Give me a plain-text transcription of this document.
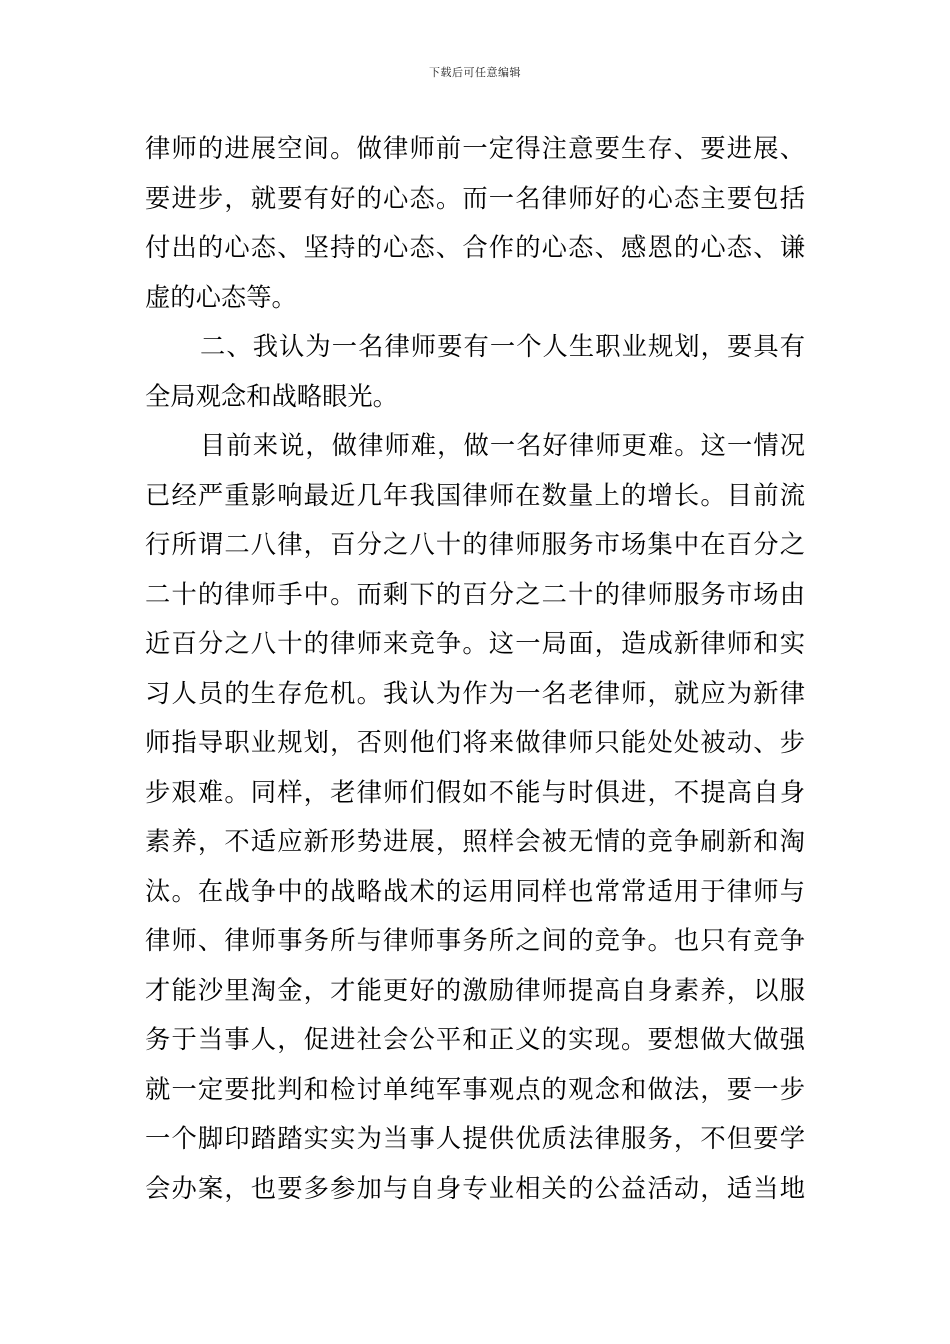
下载后可任意编辑
律师的进展空间。做律师前一定得注意要生存、要进展、
要进步，就要有好的心态。而一名律师好的心态主要包括
付出的心态、坚持的心态、合作的心态、感恩的心态、谦
虚的心态等。
二、我认为一名律师要有一个人生职业规划，要具有
全局观念和战略眼光。
目前来说，做律师难，做一名好律师更难。这一情况
已经严重影响最近几年我国律师在数量上的增长。目前流
行所谓二八律，百分之八十的律师服务市场集中在百分之
二十的律师手中。而剩下的百分之二十的律师服务市场由
近百分之八十的律师来竞争。这一局面，造成新律师和实
习人员的生存危机。我认为作为一名老律师，就应为新律
师指导职业规划，否则他们将来做律师只能处处被动、步
步艰难。同样，老律师们假如不能与时俱进，不提高自身
素养，不适应新形势进展，照样会被无情的竞争刷新和淘
汰。在战争中的战略战术的运用同样也常常适用于律师与
律师、律师事务所与律师事务所之间的竞争。也只有竞争
才能沙里淘金，才能更好的激励律师提高自身素养，以服
务于当事人，促进社会公平和正义的实现。要想做大做强
就一定要批判和检讨单纯军事观点的观念和做法，要一步
一个脚印踏踏实实为当事人提供优质法律服务，不但要学
会办案，也要多参加与自身专业相关的公益活动，适当地
